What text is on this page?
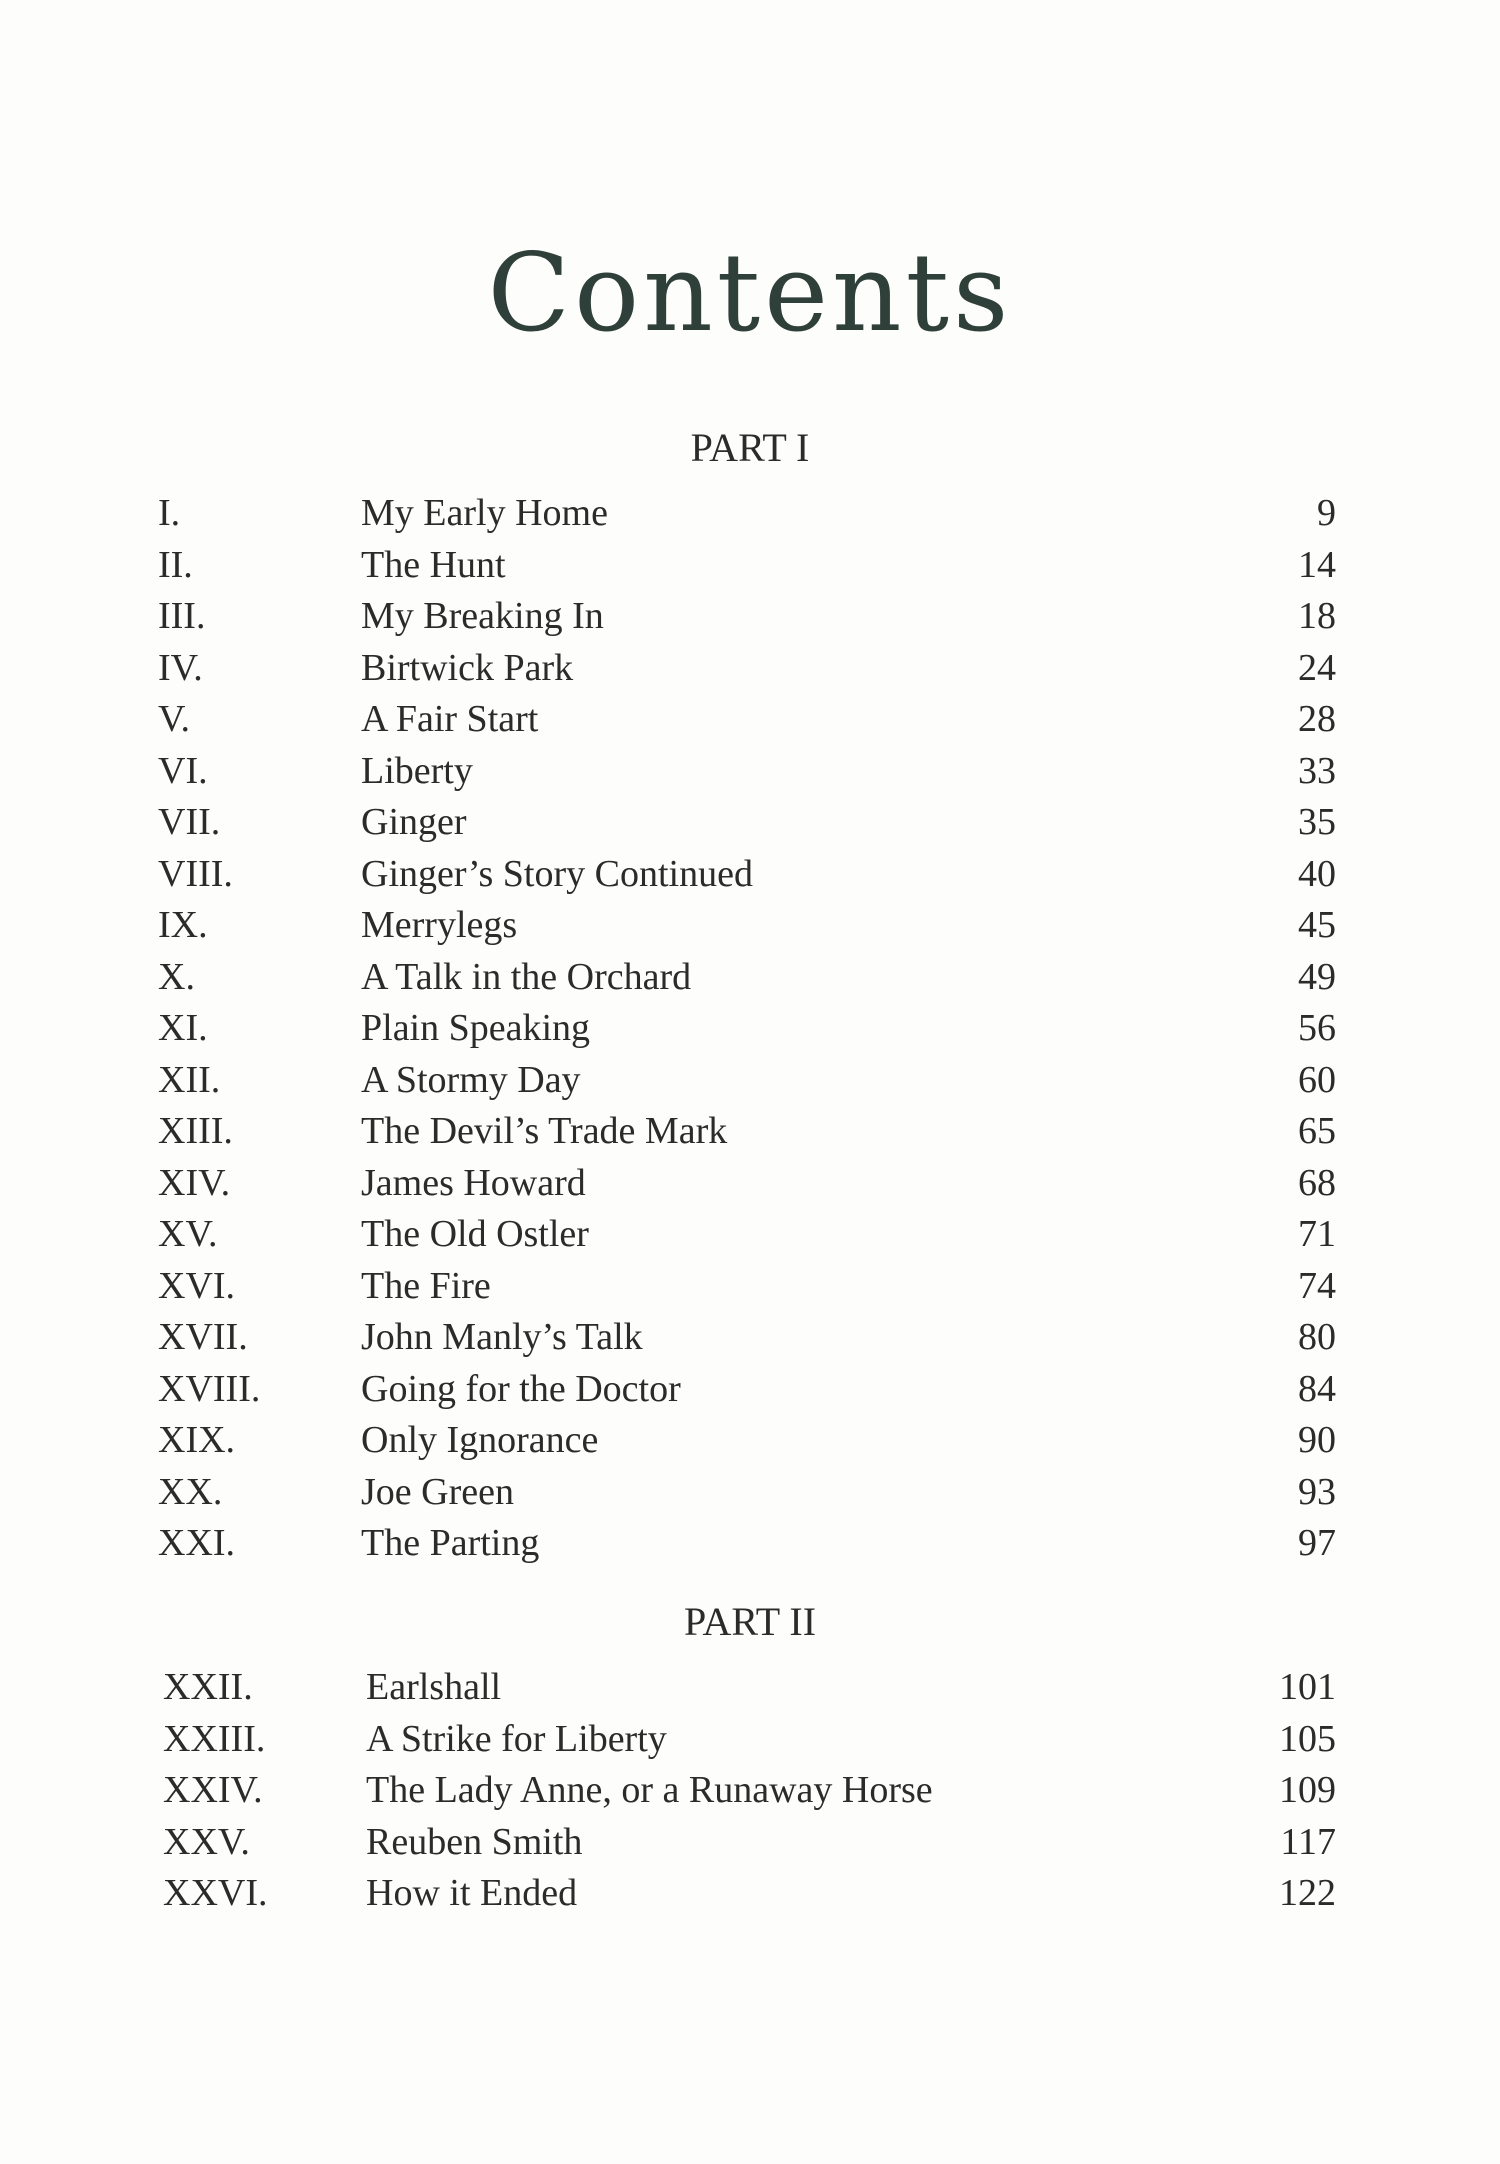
Contents
PART I
I.	My Early Home	9
II.	The Hunt	14
III.	My Breaking In	18
IV.	Birtwick Park	24
V.	A Fair Start	28
VI.	Liberty	33
VII.	Ginger	35
VIII.	Ginger’s Story Continued	40
IX.	Merrylegs	45
X.	A Talk in the Orchard	49
XI.	Plain Speaking	56
XII.	A Stormy Day	60
XIII.	The Devil’s Trade Mark	65
XIV.	James Howard	68
XV.	The Old Ostler	71
XVI.	The Fire	74
XVII.	John Manly’s Talk	80
XVIII.	Going for the Doctor	84
XIX.	Only Ignorance	90
XX.	Joe Green	93
XXI.	The Parting	97
PART II
XXII.	Earlshall	101
XXIII.	A Strike for Liberty	105
XXIV.	The Lady Anne, or a Runaway Horse	109
XXV.	Reuben Smith	117
XXVI.	How it Ended	122
